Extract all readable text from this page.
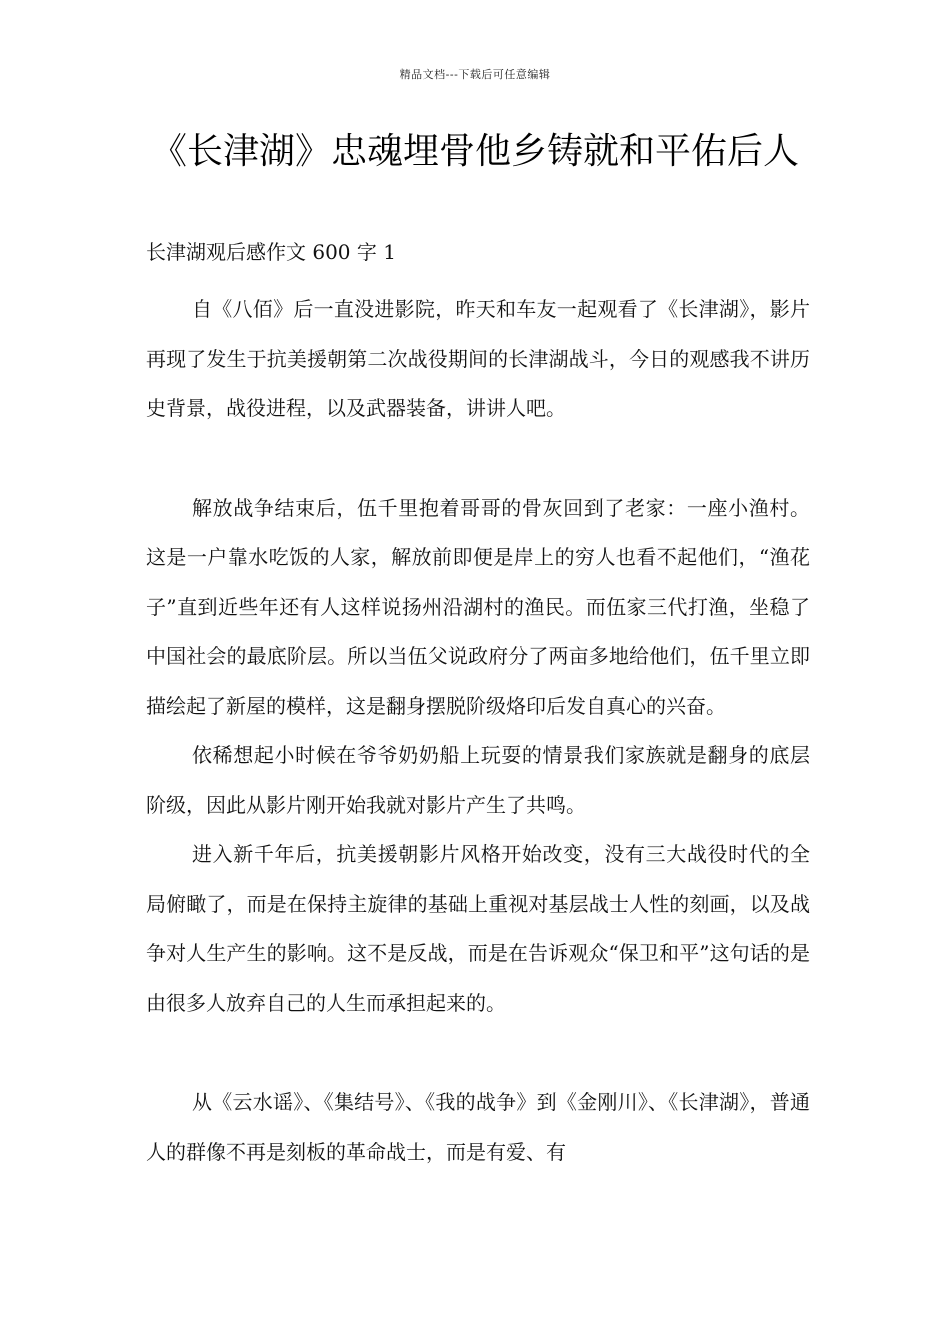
精品文档---下载后可任意编辑
《长津湖》忠魂埋骨他乡铸就和平佑后人
长津湖观后感作文 600 字 1

自《八佰》后一直没进影院，昨天和车友一起观看了《长津湖》，影片再现了发生于抗美援朝第二次战役期间的长津湖战斗，今日的观感我不讲历史背景，战役进程，以及武器装备，讲讲人吧。

解放战争结束后，伍千里抱着哥哥的骨灰回到了老家：一座小渔村。这是一户靠水吃饭的人家，解放前即便是岸上的穷人也看不起他们，“渔花子”直到近些年还有人这样说扬州沿湖村的渔民。而伍家三代打渔，坐稳了中国社会的最底阶层。所以当伍父说政府分了两亩多地给他们，伍千里立即描绘起了新屋的模样，这是翻身摆脱阶级烙印后发自真心的兴奋。

依稀想起小时候在爷爷奶奶船上玩耍的情景我们家族就是翻身的底层阶级，因此从影片刚开始我就对影片产生了共鸣。

进入新千年后，抗美援朝影片风格开始改变，没有三大战役时代的全局俯瞰了，而是在保持主旋律的基础上重视对基层战士人性的刻画，以及战争对人生产生的影响。这不是反战，而是在告诉观众“保卫和平”这句话的是由很多人放弃自己的人生而承担起来的。

从《云水谣》、《集结号》、《我的战争》到《金刚川》、《长津湖》，普通人的群像不再是刻板的革命战士，而是有爱、有
